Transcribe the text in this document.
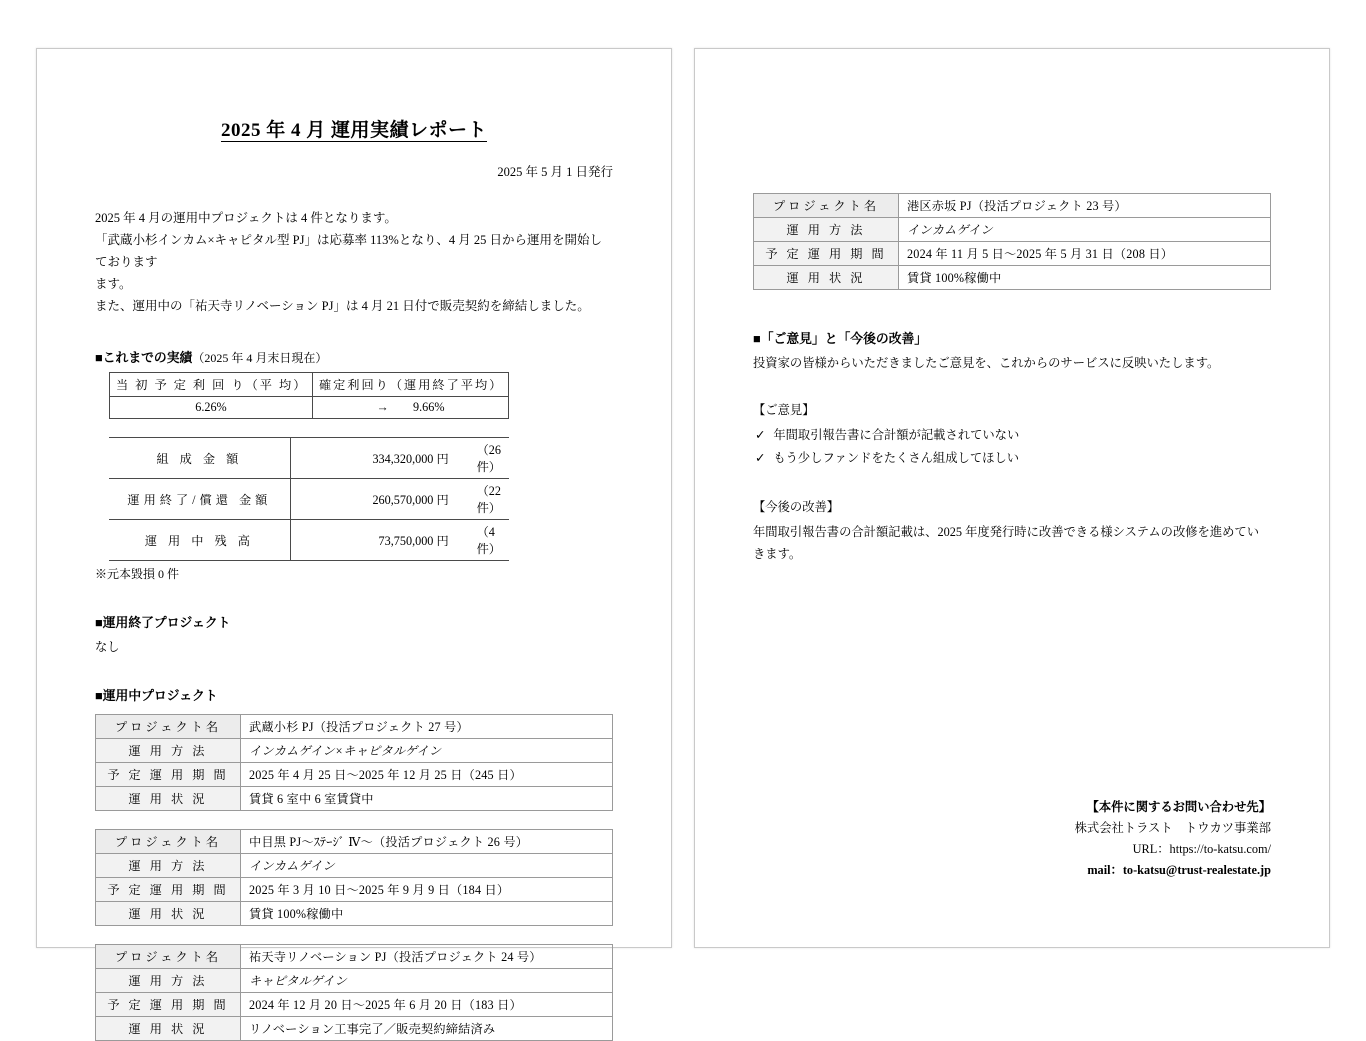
2025 年 4 月 運用実績レポート
2025 年 5 月 1 日発行

2025 年 4 月の運用中プロジェクトは 4 件となります。

「武蔵小杉インカム×キャピタル型 PJ」は応募率 113%となり、4 月 25 日から運用を開始しております

ます。

また、運用中の「祐天寺リノベーション PJ」は 4 月 21 日付で販売契約を締結しました。

■これまでの実績（2025 年 4 月末日現在）
当 初 予 定 利 回 り（平 均）	確定利回り（運用終了平均）
6.26%	→ 9.66%
組 成 金 額	334,320,000 円	（26 件）
運用終了/償還 金額	260,570,000 円	（22 件）
運 用 中 残 高	73,750,000 円	（4 件）
※元本毀損 0 件
■運用終了プロジェクト
なし
■運用中プロジェクト
プロジェクト名	武蔵小杉 PJ（投活プロジェクト 27 号）
運 用 方 法	インカムゲイン×キャピタルゲイン
予 定 運 用 期 間	2025 年 4 月 25 日～2025 年 12 月 25 日（245 日）
運 用 状 況	賃貸 6 室中 6 室賃貸中
プロジェクト名	中目黒 PJ～ｽﾃｰｼﾞ Ⅳ～（投活プロジェクト 26 号）
運 用 方 法	インカムゲイン
予 定 運 用 期 間	2025 年 3 月 10 日～2025 年 9 月 9 日（184 日）
運 用 状 況	賃貸 100%稼働中
プロジェクト名	祐天寺リノベーション PJ（投活プロジェクト 24 号）
運 用 方 法	キャピタルゲイン
予 定 運 用 期 間	2024 年 12 月 20 日～2025 年 6 月 20 日（183 日）
運 用 状 況	リノベーション工事完了／販売契約締結済み
プロジェクト名	港区赤坂 PJ（投活プロジェクト 23 号）
運 用 方 法	インカムゲイン
予 定 運 用 期 間	2024 年 11 月 5 日～2025 年 5 月 31 日（208 日）
運 用 状 況	賃貸 100%稼働中
■「ご意見」と「今後の改善」

投資家の皆様からいただきましたご意見を、これからのサービスに反映いたします。

【ご意見】
✓ 年間取引報告書に合計額が記載されていない
✓ もう少しファンドをたくさん組成してほしい
【今後の改善】
年間取引報告書の合計額記載は、2025 年度発行時に改善できる様システムの改修を進めていきます。
【本件に関するお問い合わせ先】
株式会社トラスト　トウカツ事業部
URL：https://to-katsu.com/
mail：to-katsu@trust-realestate.jp
